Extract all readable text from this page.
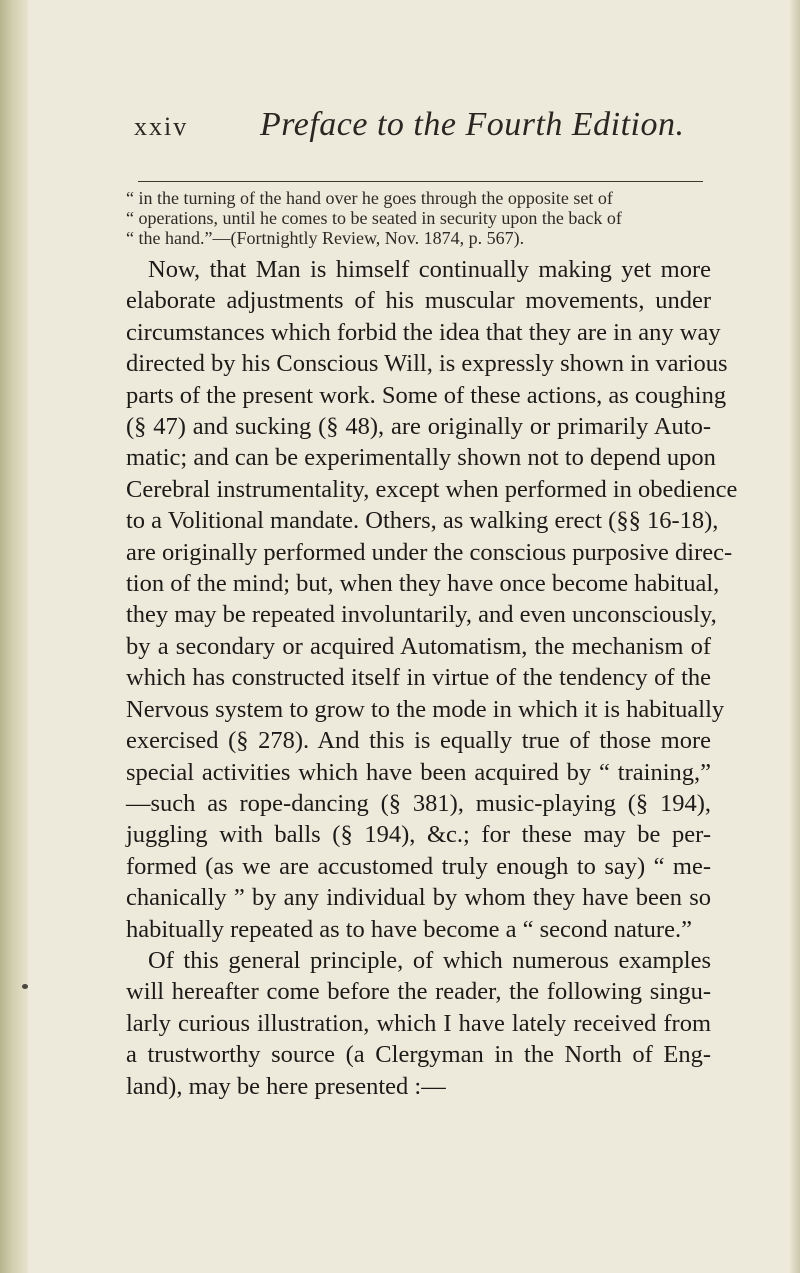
xxiv Preface to the Fourth Edition.
“ in the turning of the hand over he goes through the opposite set of
“ operations, until he comes to be seated in security upon the back of
“ the hand.”—(Fortnightly Review, Nov. 1874, p. 567).
Now, that Man is himself continually making yet more
elaborate adjustments of his muscular movements, under
circumstances which forbid the idea that they are in any way
directed by his Conscious Will, is expressly shown in various
parts of the present work. Some of these actions, as coughing
(§ 47) and sucking (§ 48), are originally or primarily Auto-
matic; and can be experimentally shown not to depend upon
Cerebral instrumentality, except when performed in obedience
to a Volitional mandate. Others, as walking erect (§§ 16-18),
are originally performed under the conscious purposive direc-
tion of the mind; but, when they have once become habitual,
they may be repeated involuntarily, and even unconsciously,
by a secondary or acquired Automatism, the mechanism of
which has constructed itself in virtue of the tendency of the
Nervous system to grow to the mode in which it is habitually
exercised (§ 278). And this is equally true of those more
special activities which have been acquired by “ training,”
—such as rope-dancing (§ 381), music-playing (§ 194),
juggling with balls (§ 194), &c.; for these may be per-
formed (as we are accustomed truly enough to say) “ me-
chanically ” by any individual by whom they have been so
habitually repeated as to have become a “ second nature.”
Of this general principle, of which numerous examples
will hereafter come before the reader, the following singu-
larly curious illustration, which I have lately received from
a trustworthy source (a Clergyman in the North of Eng-
land), may be here presented :—
